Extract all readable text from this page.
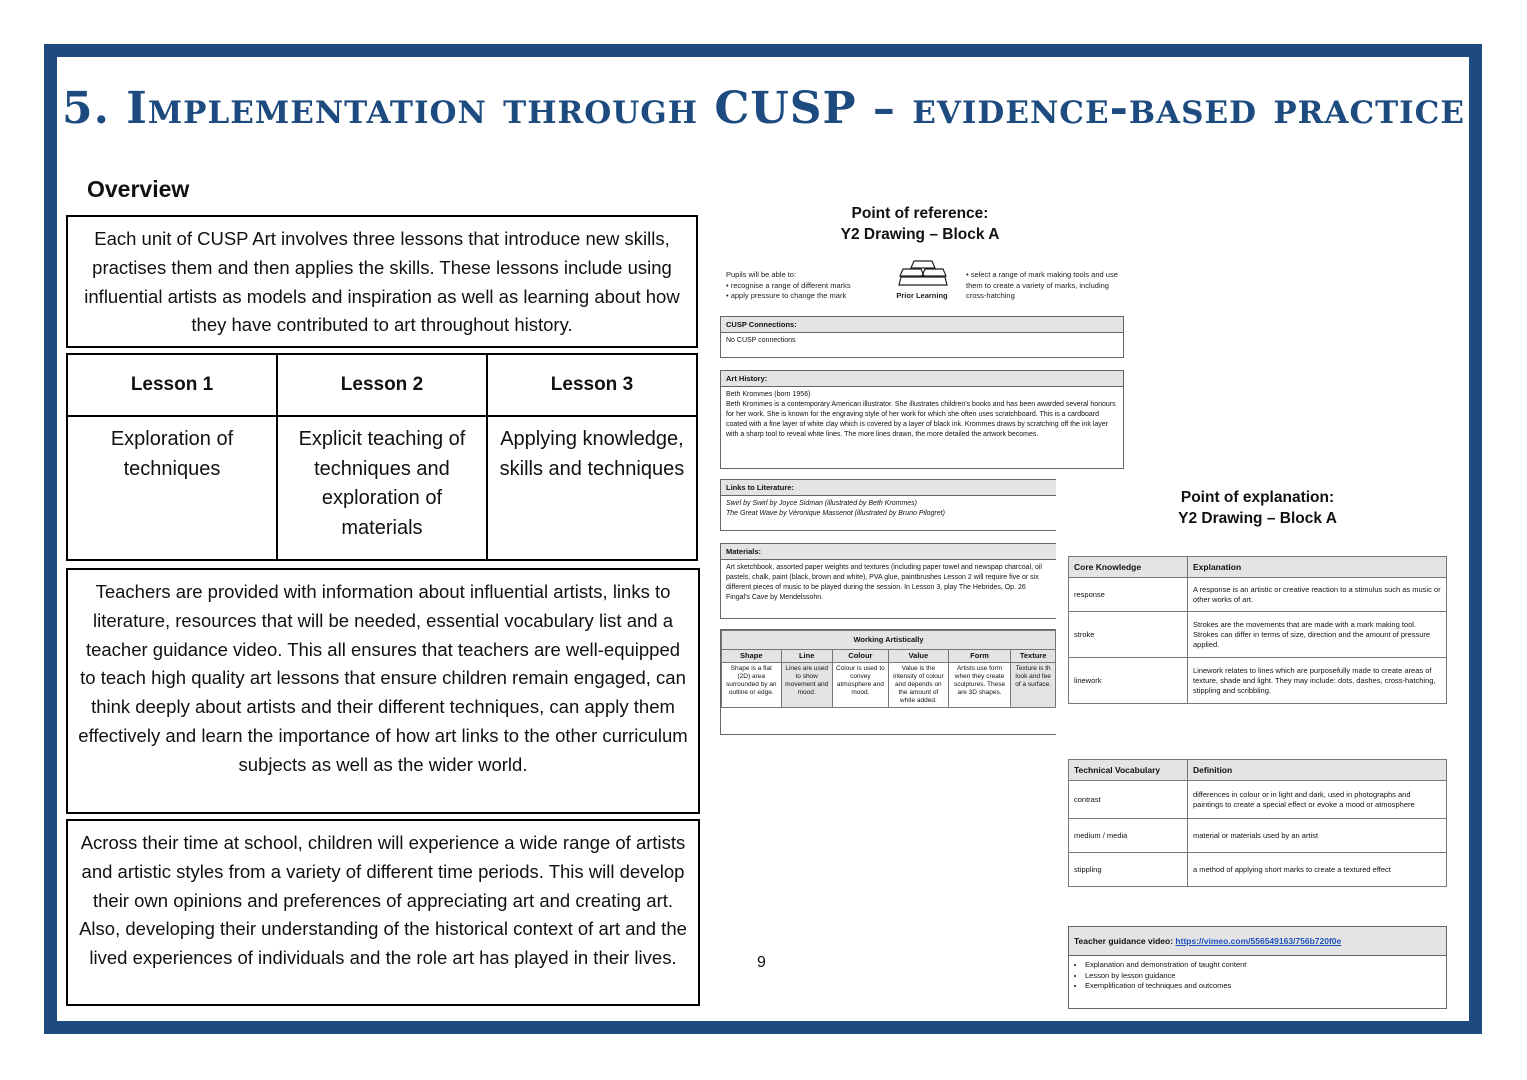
5. Implementation through CUSP – evidence-based practice
Overview
Each unit of CUSP Art involves three lessons that introduce new skills, practises them and then applies the skills. These lessons include using influential artists as models and inspiration as well as learning about how they have contributed to art throughout history.
Lesson 1	Lesson 2	Lesson 3
Exploration of techniques	Explicit teaching of techniques and exploration of materials	Applying knowledge, skills and techniques
Teachers are provided with information about influential artists, links to literature, resources that will be needed, essential vocabulary list and a teacher guidance video. This all ensures that teachers are well-equipped to teach high quality art lessons that ensure children remain engaged, can think deeply about artists and their different techniques, can apply them effectively and learn the importance of how art links to the other curriculum subjects as well as the wider world.
Across their time at school, children will experience a wide range of artists and artistic styles from a variety of different time periods. This will develop their own opinions and preferences of appreciating art and creating art. Also, developing their understanding of the historical context of art and the lived experiences of individuals and the role art has played in their lives.	9
Point of reference:
Y2 Drawing – Block A
Pupils will be able to:
• recognise a range of different marks
• apply pressure to change the mark	Prior Learning
• select a range of mark making tools and use them to create a variety of marks, including cross-hatching
CUSP Connections:
No CUSP connections
Art History:
Beth Krommes (born 1956)
Beth Krommes is a contemporary American illustrator. She illustrates children's books and has been awarded several honours for her work. She is known for the engraving style of her work for which she often uses scratchboard. This is a cardboard coated with a fine layer of white clay which is covered by a layer of black ink. Krommes draws by scratching off the ink layer with a sharp tool to reveal white lines. The more lines drawn, the more detailed the artwork becomes.
Links to Literature:
Swirl by Swirl by Joyce Sidman (illustrated by Beth Krommes)
The Great Wave by Véronique Massenot (illustrated by Bruno Pilogret)
Materials:
Art sketchbook, assorted paper weights and textures (including paper towel and newspap charcoal, oil pastels, chalk, paint (black, brown and white), PVA glue, paintbrushes Lesson 2 will require five or six different pieces of music to be played during the session. In Lesson 3, play The Hebrides, Op. 26 Fingal's Cave by Mendelssohn.
Working Artistically					
Shape	Line	Colour	Value	Form	Texture
Shape is a flat (2D) area surrounded by an outline or edge.	Lines are used to show movement and mood.	Colour is used to convey atmosphere and mood.	Value is the intensity of colour and depends on the amount of white added.	Artists use form when they create sculptures. These are 3D shapes.	Texture is th look and fee of a surface.
Point of explanation:
Y2 Drawing – Block A
Core Knowledge	Explanation
response	A response is an artistic or creative reaction to a stimulus such as music or other works of art.
stroke	Strokes are the movements that are made with a mark making tool. Strokes can differ in terms of size, direction and the amount of pressure applied.
linework	Linework relates to lines which are purposefully made to create areas of texture, shade and light. They may include: dots, dashes, cross-hatching, stippling and scribbling.
Technical Vocabulary	Definition
contrast	differences in colour or in light and dark, used in photographs and paintings to create a special effect or evoke a mood or atmosphere
medium / media	material or materials used by an artist
stippling	a method of applying short marks to create a textured effect
Teacher guidance video: https://vimeo.com/556549163/756b720f0e
• Explanation and demonstration of taught content
• Lesson by lesson guidance
• Exemplification of techniques and outcomes
